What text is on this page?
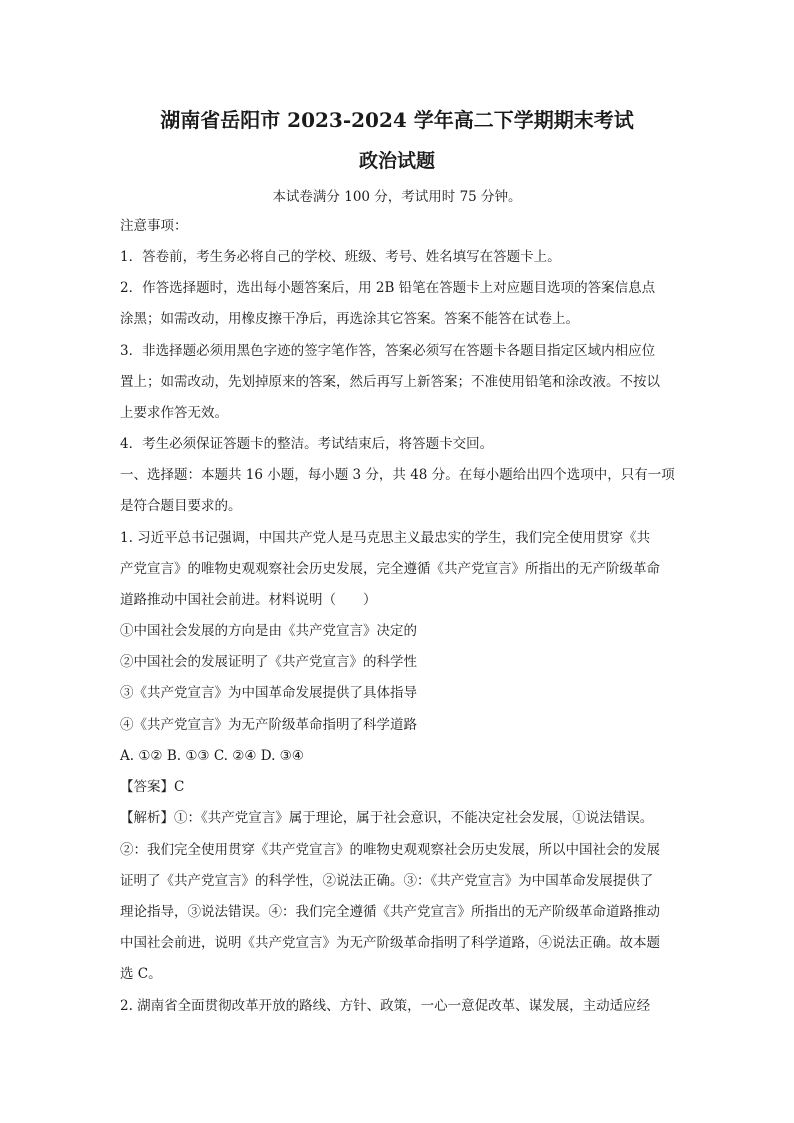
湖南省岳阳市 2023-2024 学年高二下学期期末考试
政治试题
本试卷满分 100 分，考试用时 75 分钟。
注意事项：
1．答卷前，考生务必将自己的学校、班级、考号、姓名填写在答题卡上。
2．作答选择题时，选出每小题答案后，用 2B 铅笔在答题卡上对应题目选项的答案信息点
涂黑；如需改动，用橡皮擦干净后，再选涂其它答案。答案不能答在试卷上。
3．非选择题必须用黑色字迹的签字笔作答，答案必须写在答题卡各题目指定区域内相应位
置上；如需改动，先划掉原来的答案，然后再写上新答案；不准使用铅笔和涂改液。不按以
上要求作答无效。
4．考生必须保证答题卡的整洁。考试结束后，将答题卡交回。
一、选择题：本题共 16 小题，每小题 3 分，共 48 分。在每小题给出四个选项中，只有一项
是符合题目要求的。
1. 习近平总书记强调，中国共产党人是马克思主义最忠实的学生，我们完全使用贯穿《共
产党宣言》的唯物史观观察社会历史发展，完全遵循《共产党宣言》所指出的无产阶级革命
道路推动中国社会前进。材料说明（　　）
①中国社会发展的方向是由《共产党宣言》决定的
②中国社会的发展证明了《共产党宣言》的科学性
③《共产党宣言》为中国革命发展提供了具体指导
④《共产党宣言》为无产阶级革命指明了科学道路
A. ①② B. ①③ C. ②④ D. ③④
【答案】C
【解析】①：《共产党宣言》属于理论，属于社会意识，不能决定社会发展，①说法错误。
②：我们完全使用贯穿《共产党宣言》的唯物史观观察社会历史发展，所以中国社会的发展
证明了《共产党宣言》的科学性，②说法正确。③：《共产党宣言》为中国革命发展提供了
理论指导，③说法错误。④：我们完全遵循《共产党宣言》所指出的无产阶级革命道路推动
中国社会前进，说明《共产党宣言》为无产阶级革命指明了科学道路，④说法正确。故本题
选 C。
2. 湖南省全面贯彻改革开放的路线、方针、政策，一心一意促改革、谋发展，主动适应经
